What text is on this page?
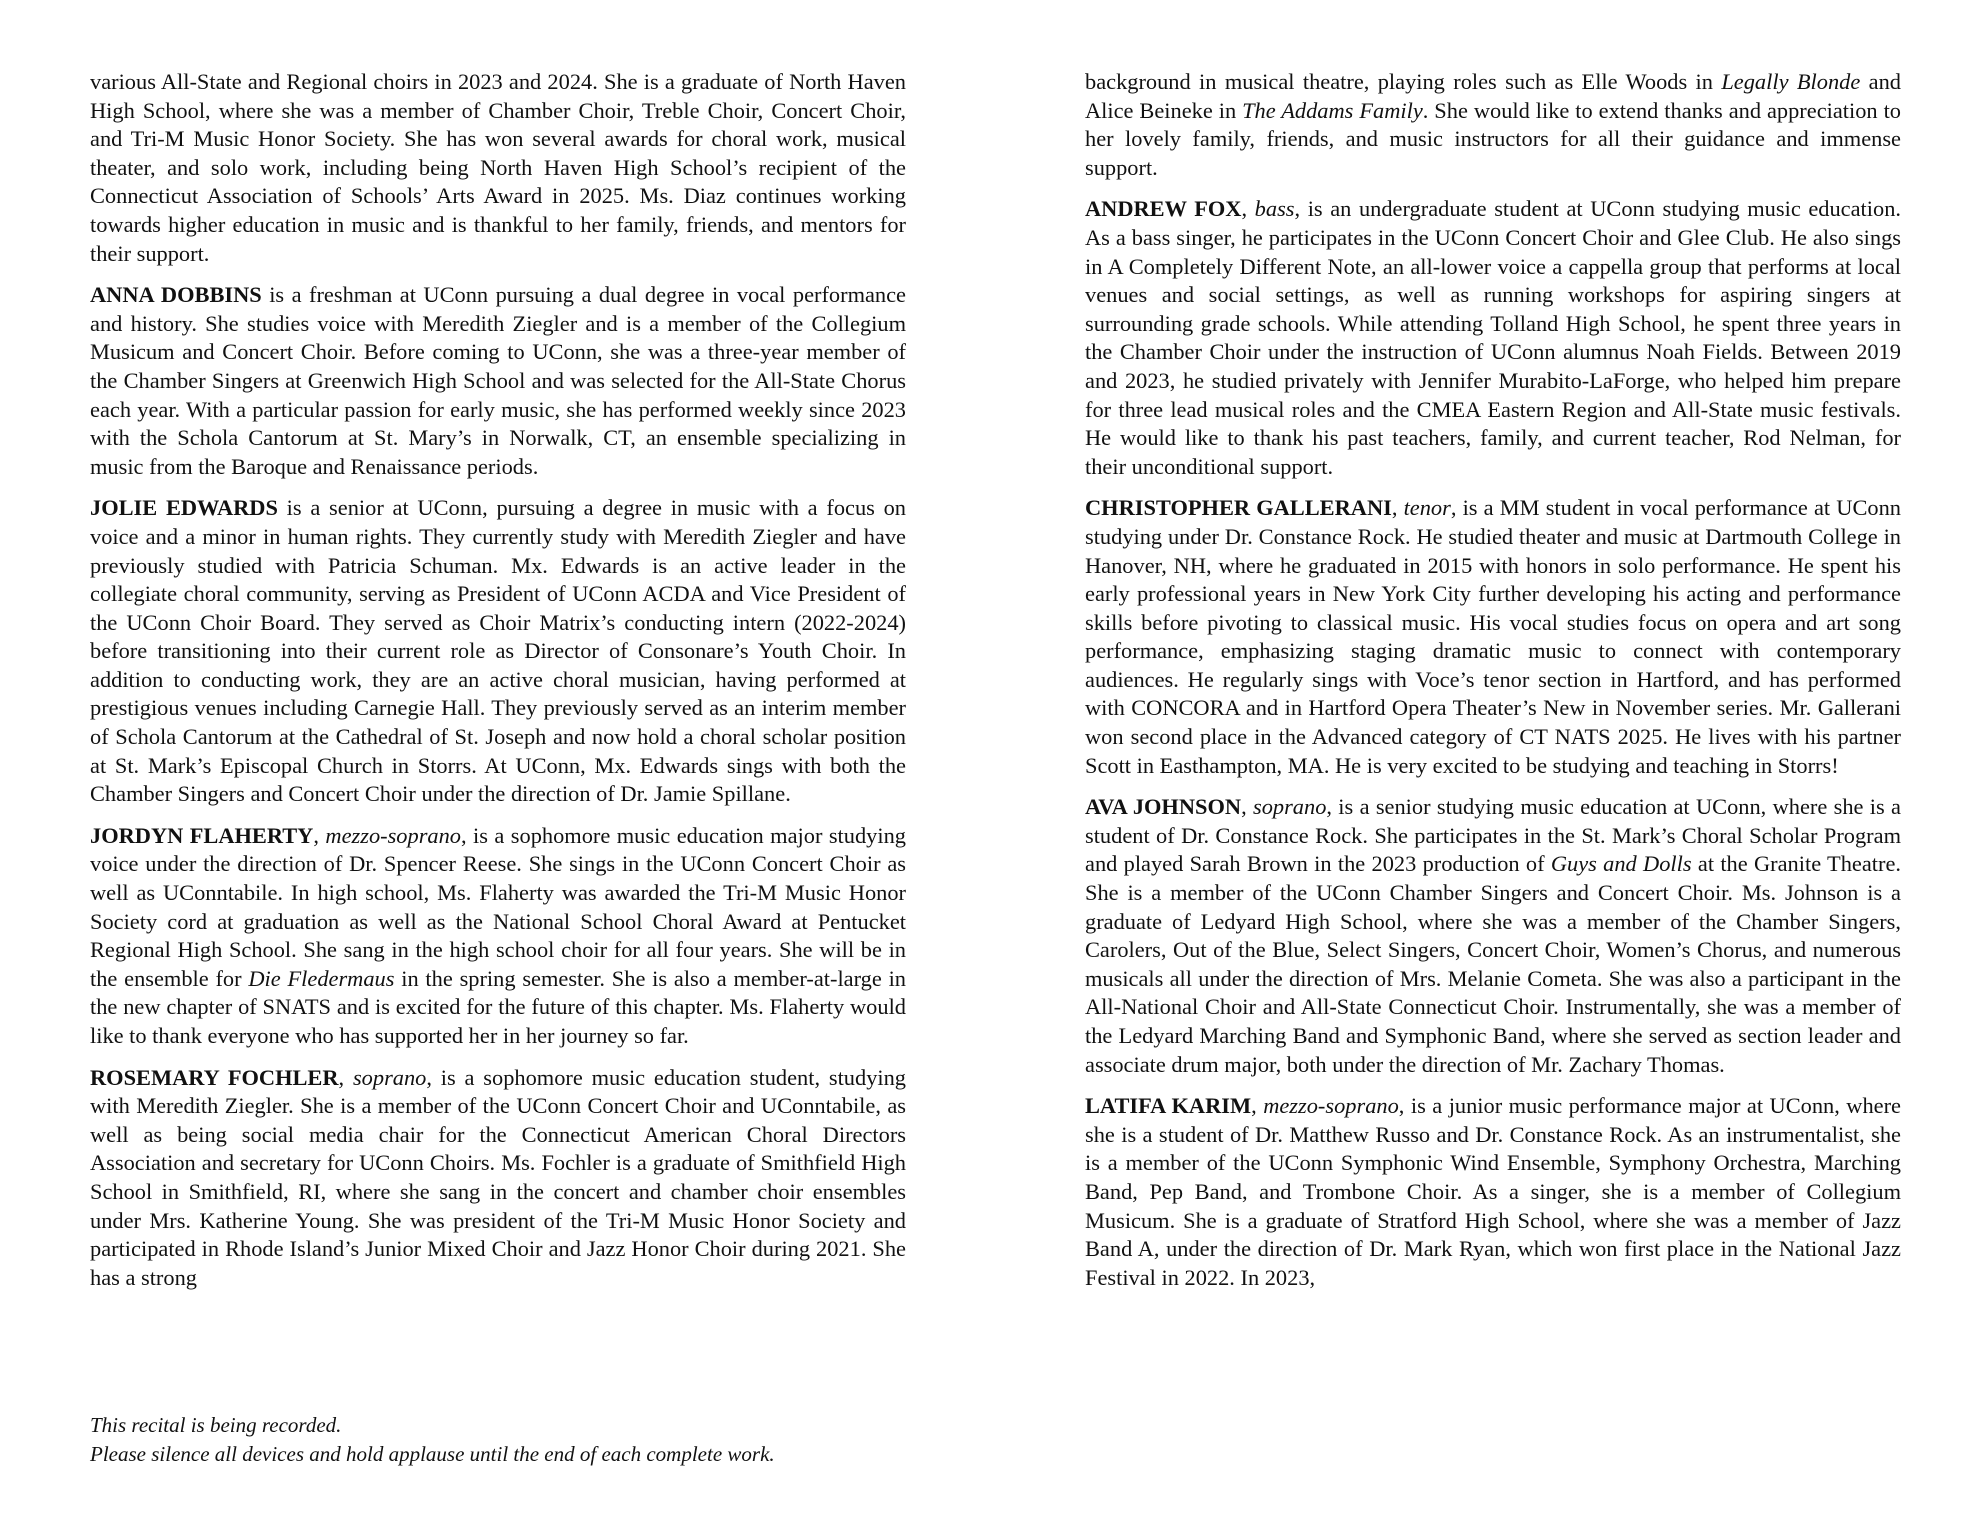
various All-State and Regional choirs in 2023 and 2024. She is a graduate of North Haven High School, where she was a member of Chamber Choir, Treble Choir, Concert Choir, and Tri-M Music Honor Society. She has won several awards for choral work, musical theater, and solo work, including being North Haven High School’s recipient of the Connecticut Association of Schools’ Arts Award in 2025. Ms. Diaz continues working towards higher education in music and is thankful to her family, friends, and mentors for their support.

ANNA DOBBINS is a freshman at UConn pursuing a dual degree in vocal performance and history. She studies voice with Meredith Ziegler and is a member of the Collegium Musicum and Concert Choir. Before coming to UConn, she was a three-year member of the Chamber Singers at Greenwich High School and was selected for the All-State Chorus each year. With a particular passion for early music, she has performed weekly since 2023 with the Schola Cantorum at St. Mary’s in Norwalk, CT, an ensemble specializing in music from the Baroque and Renaissance periods.

JOLIE EDWARDS is a senior at UConn, pursuing a degree in music with a focus on voice and a minor in human rights. They currently study with Meredith Ziegler and have previously studied with Patricia Schuman. Mx. Edwards is an active leader in the collegiate choral community, serving as President of UConn ACDA and Vice President of the UConn Choir Board. They served as Choir Matrix’s conducting intern (2022-2024) before transitioning into their current role as Director of Consonare’s Youth Choir. In addition to conducting work, they are an active choral musician, having performed at prestigious venues including Carnegie Hall. They previously served as an interim member of Schola Cantorum at the Cathedral of St. Joseph and now hold a choral scholar position at St. Mark’s Episcopal Church in Storrs. At UConn, Mx. Edwards sings with both the Chamber Singers and Concert Choir under the direction of Dr. Jamie Spillane.

JORDYN FLAHERTY, mezzo-soprano, is a sophomore music education major studying voice under the direction of Dr. Spencer Reese. She sings in the UConn Concert Choir as well as UConntabile. In high school, Ms. Flaherty was awarded the Tri-M Music Honor Society cord at graduation as well as the National School Choral Award at Pentucket Regional High School. She sang in the high school choir for all four years. She will be in the ensemble for Die Fledermaus in the spring semester. She is also a member-at-large in the new chapter of SNATS and is excited for the future of this chapter. Ms. Flaherty would like to thank everyone who has supported her in her journey so far.

ROSEMARY FOCHLER, soprano, is a sophomore music education student, studying with Meredith Ziegler. She is a member of the UConn Concert Choir and UConntabile, as well as being social media chair for the Connecticut American Choral Directors Association and secretary for UConn Choirs. Ms. Fochler is a graduate of Smithfield High School in Smithfield, RI, where she sang in the concert and chamber choir ensembles under Mrs. Katherine Young. She was president of the Tri-M Music Honor Society and participated in Rhode Island’s Junior Mixed Choir and Jazz Honor Choir during 2021. She has a strong

This recital is being recorded.
Please silence all devices and hold applause until the end of each complete work.

background in musical theatre, playing roles such as Elle Woods in Legally Blonde and Alice Beineke in The Addams Family. She would like to extend thanks and appreciation to her lovely family, friends, and music instructors for all their guidance and immense support.

ANDREW FOX, bass, is an undergraduate student at UConn studying music education. As a bass singer, he participates in the UConn Concert Choir and Glee Club. He also sings in A Completely Different Note, an all-lower voice a cappella group that performs at local venues and social settings, as well as running workshops for aspiring singers at surrounding grade schools. While attending Tolland High School, he spent three years in the Chamber Choir under the instruction of UConn alumnus Noah Fields. Between 2019 and 2023, he studied privately with Jennifer Murabito-LaForge, who helped him prepare for three lead musical roles and the CMEA Eastern Region and All-State music festivals. He would like to thank his past teachers, family, and current teacher, Rod Nelman, for their unconditional support.

CHRISTOPHER GALLERANI, tenor, is a MM student in vocal performance at UConn studying under Dr. Constance Rock. He studied theater and music at Dartmouth College in Hanover, NH, where he graduated in 2015 with honors in solo performance. He spent his early professional years in New York City further developing his acting and performance skills before pivoting to classical music. His vocal studies focus on opera and art song performance, emphasizing staging dramatic music to connect with contemporary audiences. He regularly sings with Voce’s tenor section in Hartford, and has performed with CONCORA and in Hartford Opera Theater’s New in November series. Mr. Gallerani won second place in the Advanced category of CT NATS 2025. He lives with his partner Scott in Easthampton, MA. He is very excited to be studying and teaching in Storrs!

AVA JOHNSON, soprano, is a senior studying music education at UConn, where she is a student of Dr. Constance Rock. She participates in the St. Mark’s Choral Scholar Program and played Sarah Brown in the 2023 production of Guys and Dolls at the Granite Theatre. She is a member of the UConn Chamber Singers and Concert Choir. Ms. Johnson is a graduate of Ledyard High School, where she was a member of the Chamber Singers, Carolers, Out of the Blue, Select Singers, Concert Choir, Women’s Chorus, and numerous musicals all under the direction of Mrs. Melanie Cometa. She was also a participant in the All-National Choir and All-State Connecticut Choir. Instrumentally, she was a member of the Ledyard Marching Band and Symphonic Band, where she served as section leader and associate drum major, both under the direction of Mr. Zachary Thomas.

LATIFA KARIM, mezzo-soprano, is a junior music performance major at UConn, where she is a student of Dr. Matthew Russo and Dr. Constance Rock. As an instrumentalist, she is a member of the UConn Symphonic Wind Ensemble, Symphony Orchestra, Marching Band, Pep Band, and Trombone Choir. As a singer, she is a member of Collegium Musicum. She is a graduate of Stratford High School, where she was a member of Jazz Band A, under the direction of Dr. Mark Ryan, which won first place in the National Jazz Festival in 2022. In 2023,
